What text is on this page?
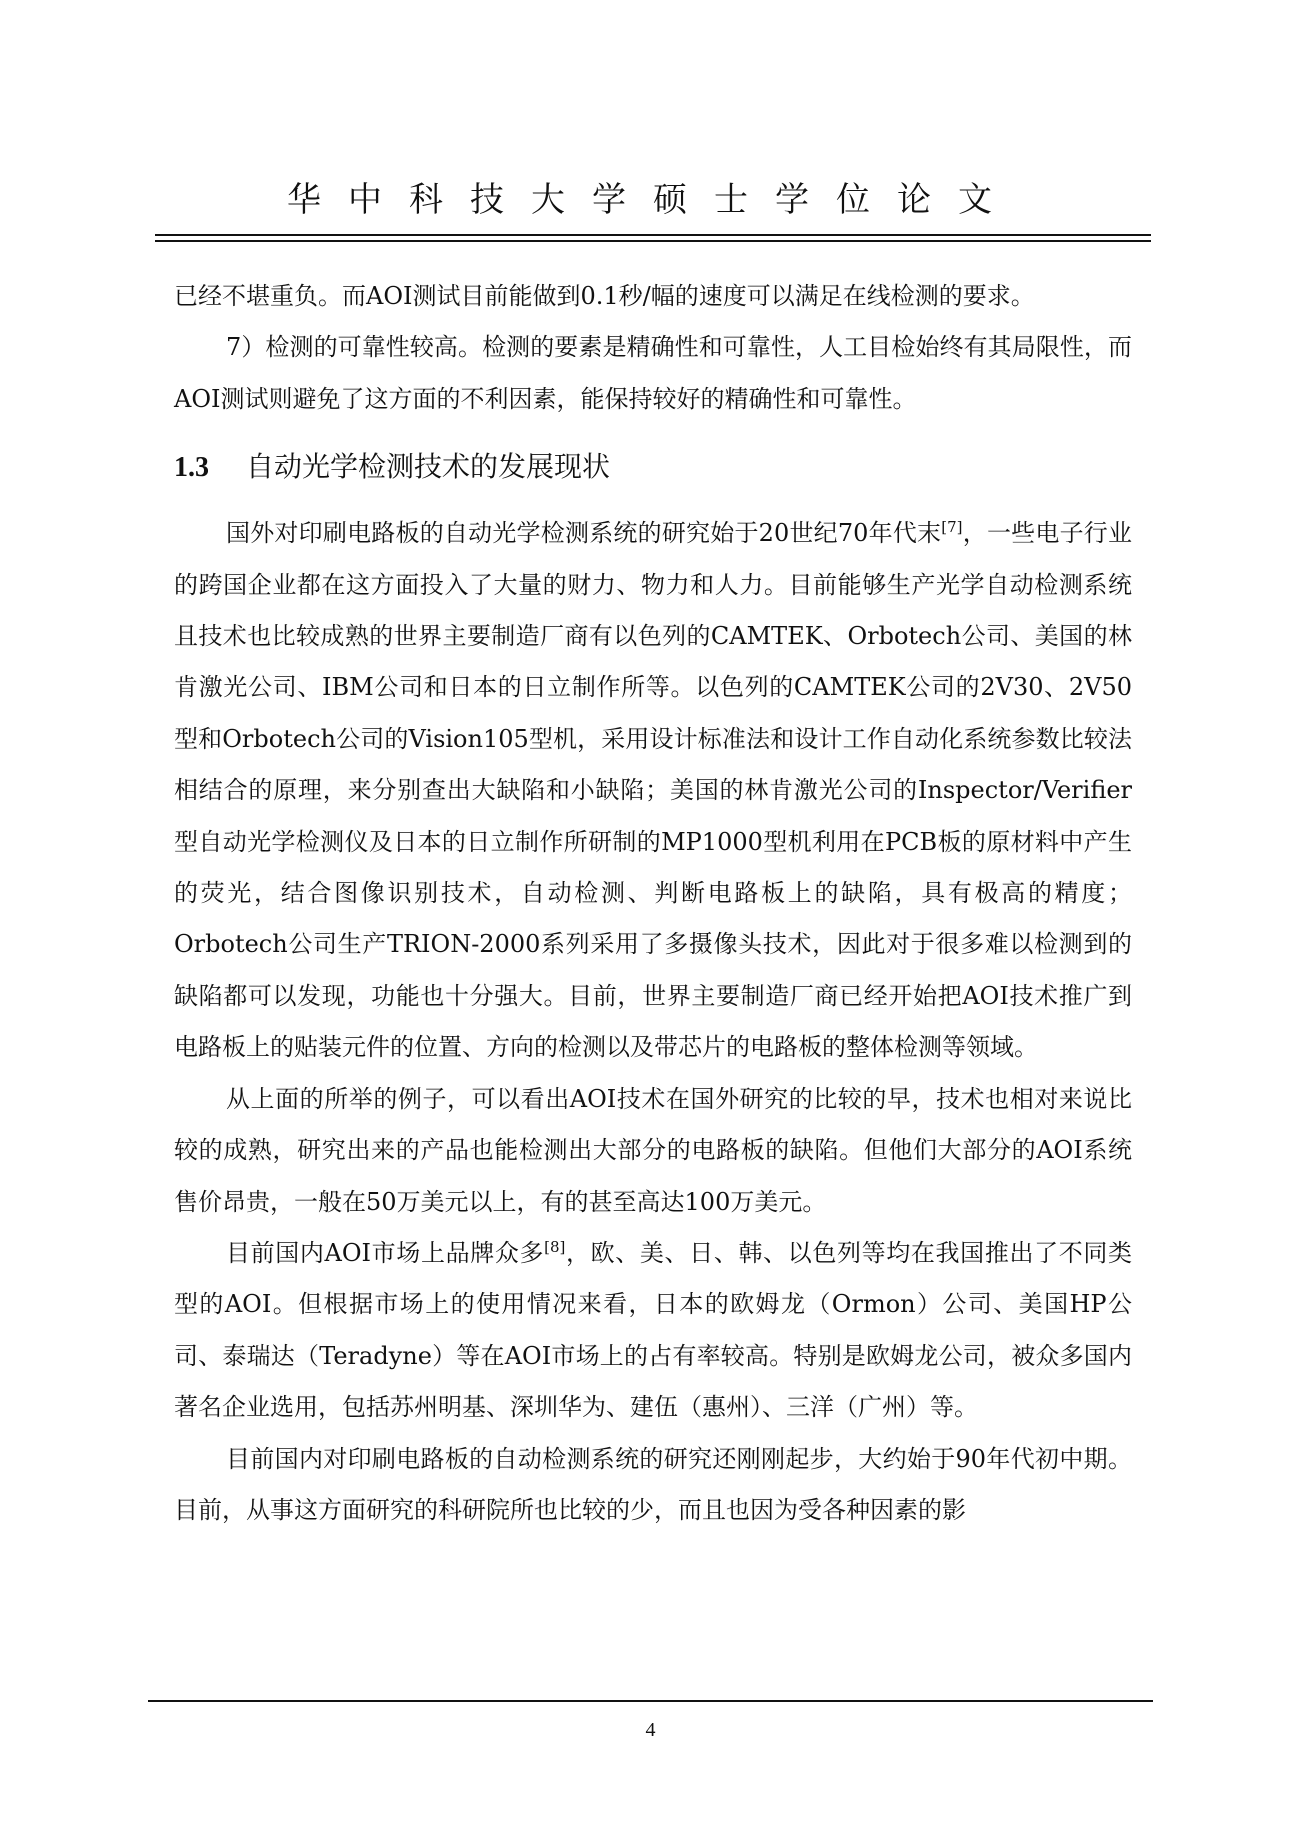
华中科技大学硕士学位论文

已经不堪重负。而AOI测试目前能做到0.1秒/幅的速度可以满足在线检测的要求。

7）检测的可靠性较高。检测的要素是精确性和可靠性，人工目检始终有其局限性，而AOI测试则避免了这方面的不利因素，能保持较好的精确性和可靠性。

1.3	自动光学检测技术的发展现状

国外对印刷电路板的自动光学检测系统的研究始于20世纪70年代末[7]，一些电子行业的跨国企业都在这方面投入了大量的财力、物力和人力。目前能够生产光学自动检测系统且技术也比较成熟的世界主要制造厂商有以色列的CAMTEK、Orbotech公司、美国的林肯激光公司、IBM公司和日本的日立制作所等。以色列的CAMTEK公司的2V30、2V50型和Orbotech公司的Vision105型机，采用设计标准法和设计工作自动化系统参数比较法相结合的原理，来分别查出大缺陷和小缺陷；美国的林肯激光公司的Inspector/Verifier型自动光学检测仪及日本的日立制作所研制的MP1000型机利用在PCB板的原材料中产生的荧光，结合图像识别技术，自动检测、判断电路板上的缺陷，具有极高的精度；Orbotech公司生产TRION-2000系列采用了多摄像头技术，因此对于很多难以检测到的缺陷都可以发现，功能也十分强大。目前，世界主要制造厂商已经开始把AOI技术推广到电路板上的贴装元件的位置、方向的检测以及带芯片的电路板的整体检测等领域。

从上面的所举的例子，可以看出AOI技术在国外研究的比较的早，技术也相对来说比较的成熟，研究出来的产品也能检测出大部分的电路板的缺陷。但他们大部分的AOI系统售价昂贵，一般在50万美元以上，有的甚至高达100万美元。

目前国内AOI市场上品牌众多[8]，欧、美、日、韩、以色列等均在我国推出了不同类型的AOI。但根据市场上的使用情况来看，日本的欧姆龙（Ormon）公司、美国HP公司、泰瑞达（Teradyne）等在AOI市场上的占有率较高。特别是欧姆龙公司，被众多国内著名企业选用，包括苏州明基、深圳华为、建伍（惠州）、三洋（广州）等。

目前国内对印刷电路板的自动检测系统的研究还刚刚起步，大约始于90年代初中期。目前，从事这方面研究的科研院所也比较的少，而且也因为受各种因素的影

4
